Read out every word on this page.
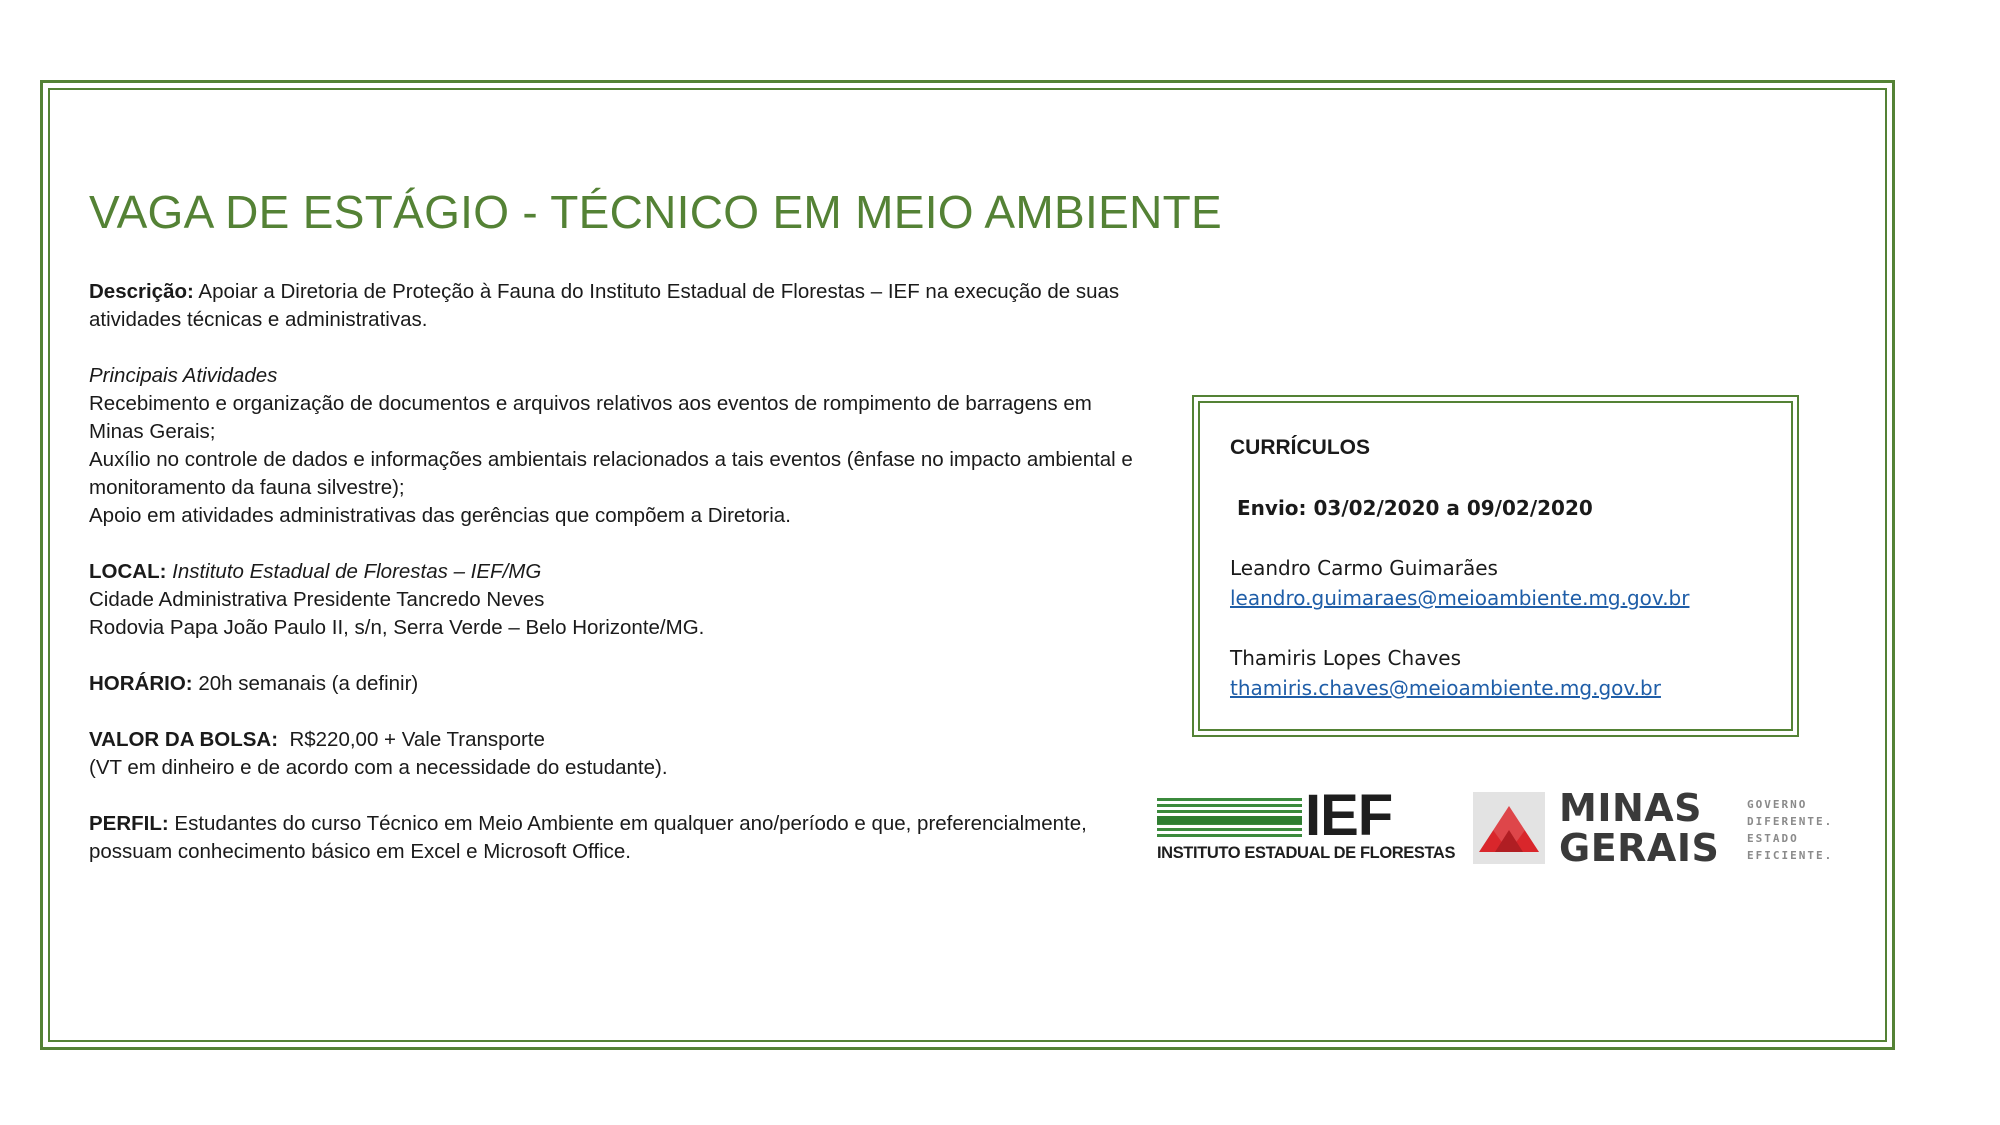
VAGA DE ESTÁGIO - TÉCNICO EM MEIO AMBIENTE

Descrição: Apoiar a Diretoria de Proteção à Fauna do Instituto Estadual de Florestas – IEF na execução de suas atividades técnicas e administrativas.

Principais Atividades

Recebimento e organização de documentos e arquivos relativos aos eventos de rompimento de barragens em Minas Gerais;

Auxílio no controle de dados e informações ambientais relacionados a tais eventos (ênfase no impacto ambiental e monitoramento da fauna silvestre);

Apoio em atividades administrativas das gerências que compõem a Diretoria.

LOCAL: Instituto Estadual de Florestas – IEF/MG

Cidade Administrativa Presidente Tancredo Neves

Rodovia Papa João Paulo II, s/n, Serra Verde – Belo Horizonte/MG.

HORÁRIO: 20h semanais (a definir)

VALOR DA BOLSA:  R$220,00 + Vale Transporte

(VT em dinheiro e de acordo com a necessidade do estudante).

PERFIL: Estudantes do curso Técnico em Meio Ambiente em qualquer ano/período e que, preferencialmente, possuam conhecimento básico em Excel e Microsoft Office.

CURRÍCULOS

Envio: 03/02/2020 a 09/02/2020

Leandro Carmo Guimarães

leandro.guimaraes@meioambiente.mg.gov.br

Thamiris Lopes Chaves

thamiris.chaves@meioambiente.mg.gov.br

IEF
INSTITUTO ESTADUAL DE FLORESTAS
MINAS
GERAIS
GOVERNO
DIFERENTE.
ESTADO
EFICIENTE.
